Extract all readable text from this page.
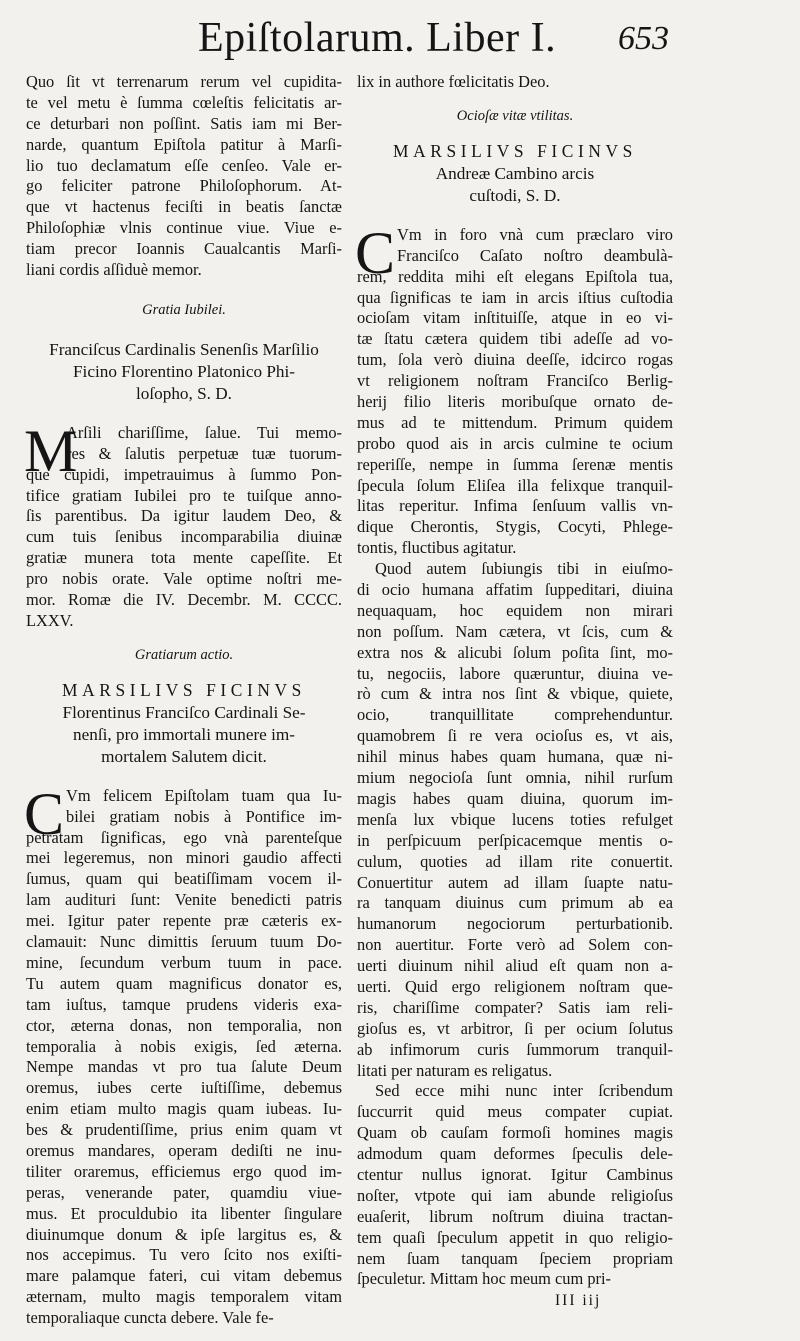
Epiſtolarum. Liber I. 653
Quo ſit vt terrenarum rerum vel cupidita-
te vel metu è ſumma cœleſtis felicitatis ar-
ce deturbari non poſſint. Satis iam mi Ber-
narde, quantum Epiſtola patitur à Marſi-
lio tuo declamatum eſſe cenſeo. Vale er-
go feliciter patrone Philoſophorum. At-
que vt hactenus feciſti in beatis ſanctæ
Philoſophiæ vlnis continue viue. Viue e-
tiam precor Ioannis Caualcantis Marſi-
liani cordis aſſiduè memor.
Gratia Iubilei.
Franciſcus Cardinalis Senenſis Marſilio
Ficino Florentino Platonico Phi-
loſopho, S. D.
M
Arſili chariſſime, ſalue. Tui memo-
res & ſalutis perpetuæ tuæ tuorum-
que cupidi, impetrauimus à ſummo Pon-
tifice gratiam Iubilei pro te tuiſque anno-
ſis parentibus. Da igitur laudem Deo, &
cum tuis ſenibus incomparabilia diuinæ
gratiæ munera tota mente capeſſite. Et
pro nobis orate. Vale optime noſtri me-
mor. Romæ die IV. Decembr. M. CCCC.
LXXV.
Gratiarum actio.
MARSILIVS FICINVS
Florentinus Franciſco Cardinali Se-
nenſi, pro immortali munere im-
mortalem Salutem dicit.
C Vm felicem Epiſtolam tuam qua Iu-
bilei gratiam nobis à Pontifice im-
petratam ſignificas, ego vnà parenteſque
mei legeremus, non minori gaudio affecti
ſumus, quam qui beatiſſimam vocem il-
lam audituri ſunt: Venite benedicti patris
mei. Igitur pater repente præ cæteris ex-
clamauit: Nunc dimittis ſeruum tuum Do-
mine, ſecundum verbum tuum in pace.
Tu autem quam magnificus donator es,
tam iuſtus, tamque prudens videris exa-
ctor, æterna donas, non temporalia, non
temporalia à nobis exigis, ſed æterna.
Nempe mandas vt pro tua ſalute Deum
oremus, iubes certe iuſtiſſime, debemus
enim etiam multo magis quam iubeas. Iu-
bes & prudentiſſime, prius enim quam vt
oremus mandares, operam dediſti ne inu-
tiliter oraremus, efficiemus ergo quod im-
peras, venerande pater, quamdiu viue-
mus. Et proculdubio ita libenter ſingulare
diuinumque donum & ipſe largitus es, &
nos accepimus. Tu vero ſcito nos exiſti-
mare palamque fateri, cui vitam debemus
æternam, multo magis temporalem vitam
temporaliaque cuncta debere. Vale fe-
lix in authore fœlicitatis Deo.
Ocioſæ vitæ vtilitas.
MARSILIVS FICINVS
Andreæ Cambino arcis
cuſtodi, S. D.
C Vm in foro vnà cum præclaro viro
Franciſco Caſato noſtro deambulà-
rem, reddita mihi eſt elegans Epiſtola tua,
qua ſignificas te iam in arcis iſtius cuſtodia
ocioſam vitam inſtituiſſe, atque in eo vi-
tæ ſtatu cætera quidem tibi adeſſe ad vo-
tum, ſola verò diuina deeſſe, idcirco rogas
vt religionem noſtram Franciſco Berlig-
herij filio literis moribuſque ornato de-
mus ad te mittendum. Primum quidem
probo quod ais in arcis culmine te ocium
reperiſſe, nempe in ſumma ſerenæ mentis
ſpecula ſolum Eliſea illa felixque tranquil-
litas reperitur. Infima ſenſuum vallis vn-
dique Cherontis, Stygis, Cocyti, Phlege-
tontis, fluctibus agitatur.
Quod autem ſubiungis tibi in eiuſmo-
di ocio humana affatim ſuppeditari, diuina
nequaquam, hoc equidem non mirari
non poſſum. Nam cætera, vt ſcis, cum &
extra nos & alicubi ſolum poſita ſint, mo-
tu, negociis, labore quæruntur, diuina ve-
rò cum & intra nos ſint & vbique, quiete,
ocio, tranquillitate comprehenduntur.
quamobrem ſi re vera ocioſus es, vt ais,
nihil minus habes quam humana, quæ ni-
mium negocioſa ſunt omnia, nihil rurſum
magis habes quam diuina, quorum im-
menſa lux vbique lucens toties refulget
in perſpicuum perſpicacemque mentis o-
culum, quoties ad illam rite conuertit.
Conuertitur autem ad illam ſuapte natu-
ra tanquam diuinus cum primum ab ea
humanorum negociorum perturbationib.
non auertitur. Forte verò ad Solem con-
uerti diuinum nihil aliud eſt quam non a-
uerti. Quid ergo religionem noſtram que-
ris, chariſſime compater? Satis iam reli-
gioſus es, vt arbitror, ſi per ocium ſolutus
ab infimorum curis ſummorum tranquil-
litati per naturam es religatus.
Sed ecce mihi nunc inter ſcribendum
ſuccurrit quid meus compater cupiat.
Quam ob cauſam formoſi homines magis
admodum quam deformes ſpeculis dele-
ctentur nullus ignorat. Igitur Cambinus
noſter, vtpote qui iam abunde religioſus
euaſerit, librum noſtrum diuina tractan-
tem quaſi ſpeculum appetit in quo religio-
nem ſuam tanquam ſpeciem propriam
ſpeculetur. Mittam hoc meum cum pri-
III iij
